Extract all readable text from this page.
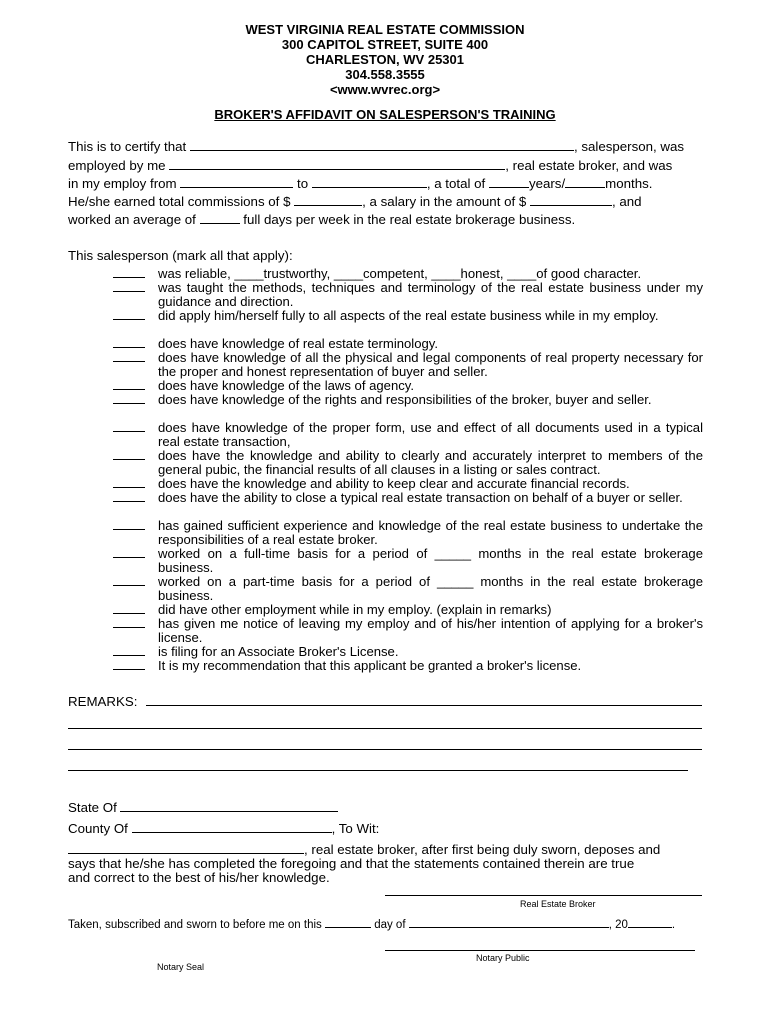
WEST VIRGINIA REAL ESTATE COMMISSION
300 CAPITOL STREET, SUITE 400
CHARLESTON, WV 25301
304.558.3555
<www.wvrec.org>
BROKER'S AFFIDAVIT ON SALESPERSON'S TRAINING
This is to certify that	, salesperson, was
employed by me	, real estate broker, and was
in my employ from	to	, a total of	years/	months.
He/she earned total commissions of $	, a salary in the amount of $	, and
worked an average of	full days per week in the real estate brokerage business.
This salesperson (mark all that apply):
was reliable, ____trustworthy, ____competent, ____honest, ____of good character.
was taught the methods, techniques and terminology of the real estate business under my guidance and direction.
did apply him/herself fully to all aspects of the real estate business while in my employ.
does have knowledge of real estate terminology.
does have knowledge of all the physical and legal components of real property necessary for the proper and honest representation of buyer and seller.
does have knowledge of the laws of agency.
does have knowledge of the rights and responsibilities of the broker, buyer and seller.
does have knowledge of the proper form, use and effect of all documents used in a typical real estate transaction,
does have the knowledge and ability to clearly and accurately interpret to members of the general pubic, the financial results of all clauses in a listing or sales contract.
does have the knowledge and ability to keep clear and accurate financial records.
does have the ability to close a typical real estate transaction on behalf of a buyer or seller.
has gained sufficient experience and knowledge of the real estate business to undertake the responsibilities of a real estate broker.
worked on a full-time basis for a period of _____ months in the real estate brokerage business.
worked on a part-time basis for a period of _____ months in the real estate brokerage business.
did have other employment while in my employ. (explain in remarks)
has given me notice of leaving my employ and of his/her intention of applying for a broker's license.
is filing for an Associate Broker's License.
It is my recommendation that this applicant be granted a broker's license.
REMARKS:
State Of
County Of	, To Wit:
, real estate broker, after first being duly sworn, deposes and
says that he/she has completed the foregoing and that the statements contained therein are true
and correct to the best of his/her knowledge.
Real Estate Broker
Taken, subscribed and sworn to before me on this	day of	, 20	.
Notary Public
Notary Seal
